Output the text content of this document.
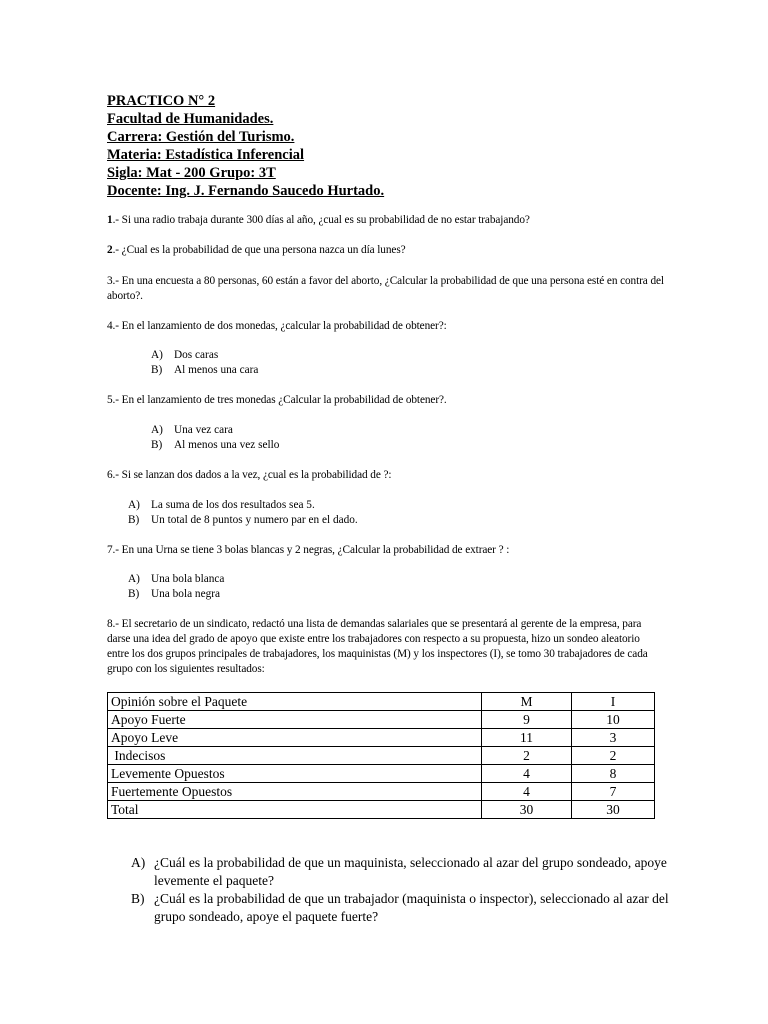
PRACTICO N° 2
Facultad de Humanidades.
Carrera: Gestión del Turismo.
Materia: Estadística Inferencial
Sigla: Mat - 200 Grupo: 3T
Docente: Ing. J. Fernando Saucedo Hurtado.
1.- Si una radio trabaja durante 300 días al año, ¿cual es su probabilidad de no estar trabajando?
2.- ¿Cual es la probabilidad de que una persona nazca un día lunes?
3.- En una encuesta a 80 personas, 60 están a favor del aborto, ¿Calcular la probabilidad de que una persona esté en contra del aborto?.
4.- En el lanzamiento de dos monedas, ¿calcular la probabilidad de obtener?:
A) Dos caras
B)	Al menos una cara
5.- En el lanzamiento de tres monedas ¿Calcular la probabilidad de obtener?.
A) Una vez cara
B)	Al menos una vez sello
6.- Si se lanzan dos dados a la vez, ¿cual es la probabilidad de ?:
A) La suma de los dos resultados sea 5.
B)	Un total de 8 puntos y numero par en el dado.
7.- En una Urna se tiene 3 bolas blancas y 2 negras, ¿Calcular la probabilidad de extraer ? :
A) Una bola blanca
B)	Una bola negra
8.- El secretario de un sindicato, redactó una lista de demandas salariales que se presentará al gerente de la empresa, para darse una idea del grado de apoyo que existe entre los trabajadores con respecto a su propuesta, hizo un sondeo aleatorio entre los dos grupos principales de trabajadores, los maquinistas (M) y los inspectores (I), se tomo 30 trabajadores de cada grupo con los siguientes resultados:
Opinión sobre el Paquete	M	I
Apoyo Fuerte	9	10
Apoyo Leve	11	3
Indecisos	2	2
Levemente Opuestos	4	8
Fuertemente Opuestos	4	7
Total	30	30
A) ¿Cuál es la probabilidad de que un maquinista, seleccionado al azar del grupo sondeado, apoye levemente el paquete?
B) ¿Cuál es la probabilidad de que un trabajador (maquinista o inspector), seleccionado al azar del grupo sondeado, apoye el paquete fuerte?
